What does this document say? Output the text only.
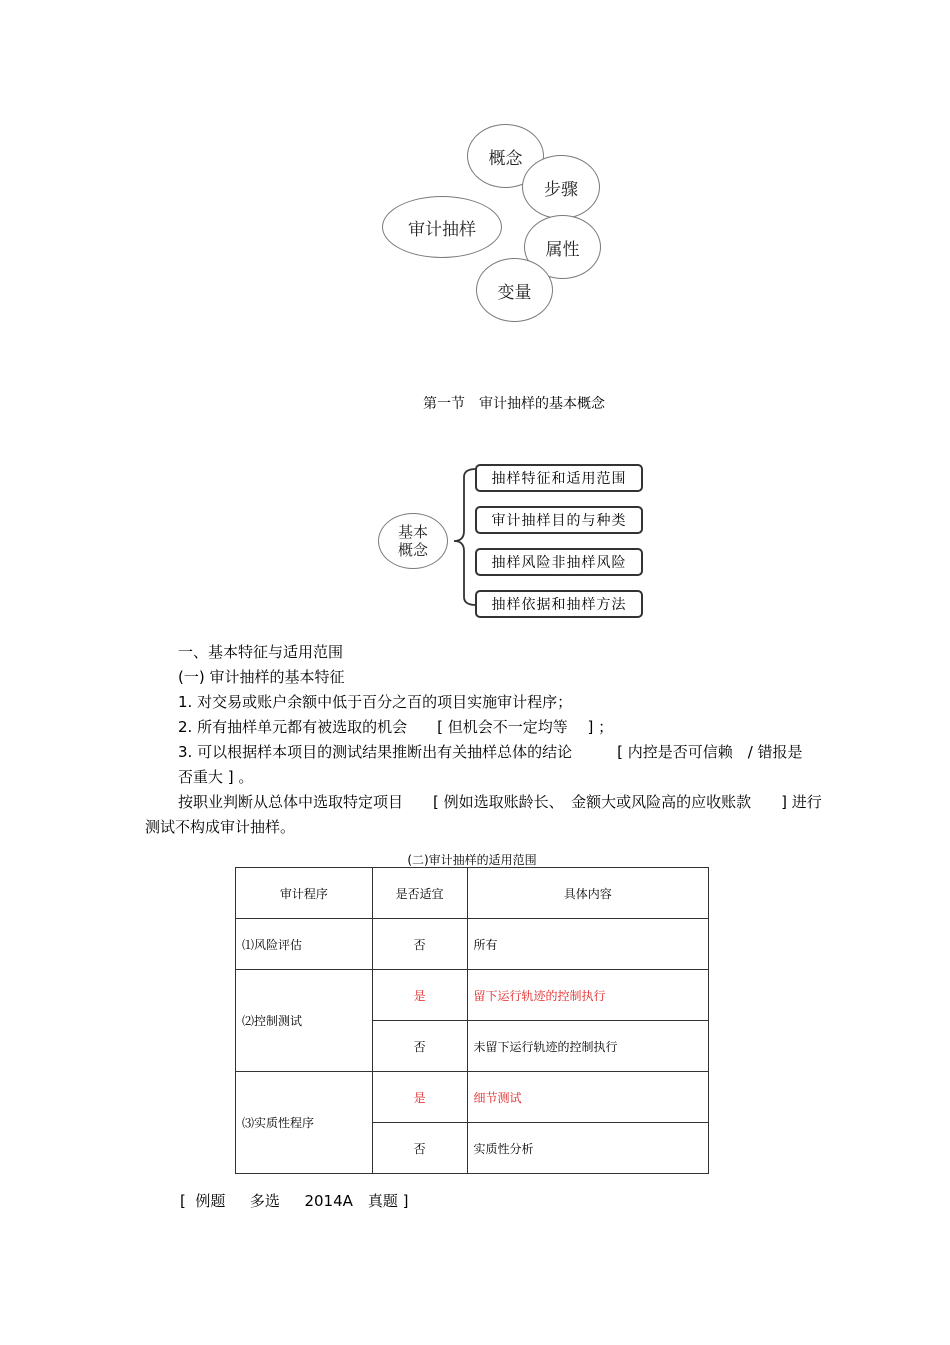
审计抽样
概念
步骤
属性
变量
第一节　审计抽样的基本概念
基本概念
抽样特征和适用范围
审计抽样目的与种类
抽样风险非抽样风险
抽样依据和抽样方法
一、基本特征与适用范围
(一) 审计抽样的基本特征
1. 对交易或账户余额中低于百分之百的项目实施审计程序；
2. 所有抽样单元都有被选取的机会　　[ 但机会不一定均等　 ] ；
3. 可以根据样本项目的测试结果推断出有关抽样总体的结论　　　[ 内控是否可信赖　/ 错报是
否重大 ] 。
按职业判断从总体中选取特定项目　　[ 例如选取账龄长、　金额大或风险高的应收账款　　] 进行
测试不构成审计抽样。
(二)审计抽样的适用范围
审计程序	是否适宜	具体内容
⑴风险评估	否	所有
⑵控制测试	是	留下运行轨迹的控制执行
	否	未留下运行轨迹的控制执行
⑶实质性程序	是	细节测试
	否	实质性分析
[  例题　  多选　  2014A　真题 ]
